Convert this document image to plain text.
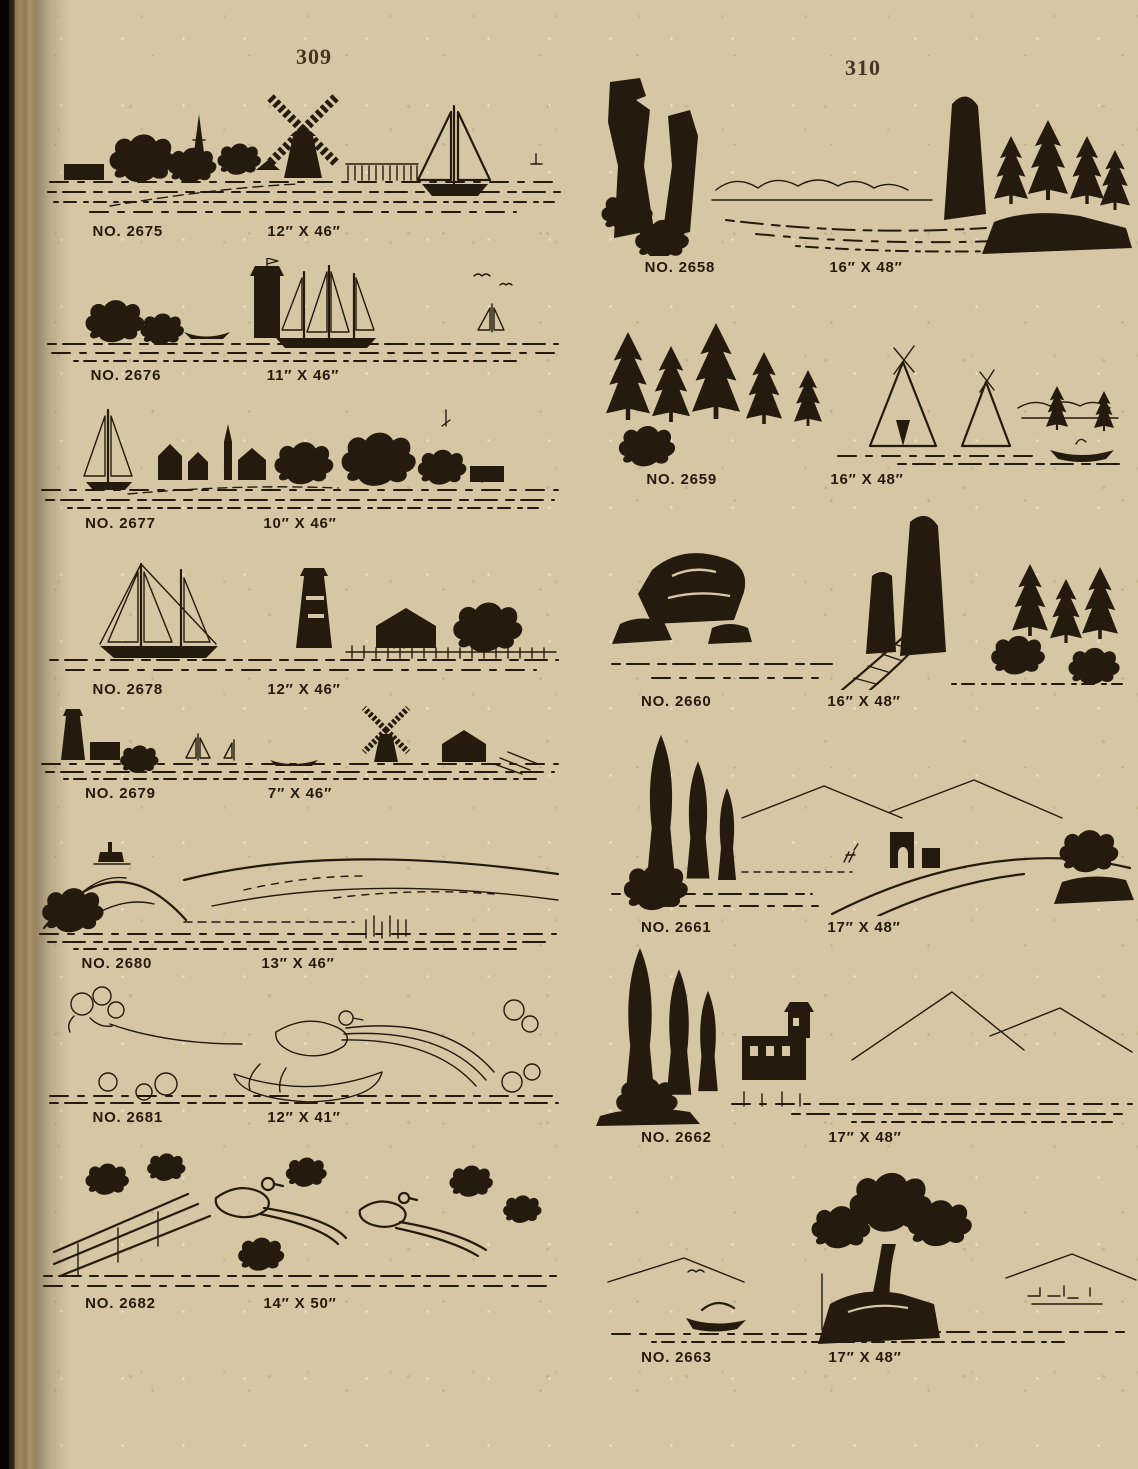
309	310
NO. 2675	12″ X 46″
NO. 2676	11″ X 46″
NO. 2677	10″ X 46″
NO. 2678	12″ X 46″
NO. 2679	7″ X 46″
NO. 2680	13″ X 46″
NO. 2681	12″ X 41″
NO. 2682	14″ X 50″
NO. 2658	16″ X 48″
NO. 2659	16″ X 48″
NO. 2660	16″ X 48″
NO. 2661	17″ X 48″
NO. 2662	17″ X 48″
NO. 2663	17″ X 48″
